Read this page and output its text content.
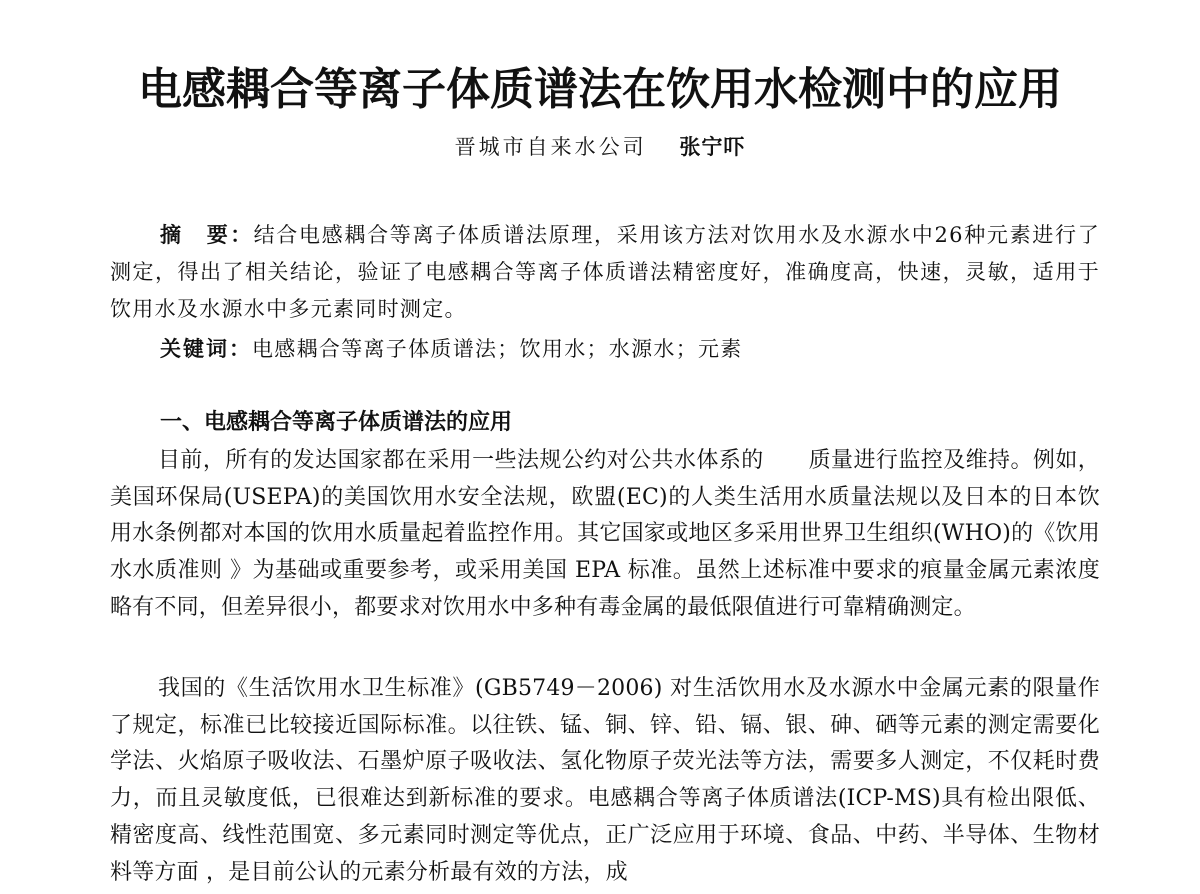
电感耦合等离子体质谱法在饮用水检测中的应用
晋城市自来水公司 张宁吓

摘　要：结合电感耦合等离子体质谱法原理，采用该方法对饮用水及水源水中26种元素进行了测定，得出了相关结论，验证了电感耦合等离子体质谱法精密度好，准确度高，快速，灵敏，适用于饮用水及水源水中多元素同时测定。

关键词：电感耦合等离子体质谱法；饮用水；水源水；元素

一、电感耦合等离子体质谱法的应用

目前，所有的发达国家都在采用一些法规公约对公共水体系的　　质量进行监控及维持。例如，美国环保局(USEPA)的美国饮用水安全法规，欧盟(EC)的人类生活用水质量法规以及日本的日本饮用水条例都对本国的饮用水质量起着监控作用。其它国家或地区多采用世界卫生组织(WHO)的《饮用水水质准则 》为基础或重要参考，或采用美国 EPA 标准。虽然上述标准中要求的痕量金属元素浓度略有不同，但差异很小，都要求对饮用水中多种有毒金属的最低限值进行可靠精确测定。

我国的《生活饮用水卫生标准》(GB5749－2006) 对生活饮用水及水源水中金属元素的限量作了规定，标准已比较接近国际标准。以往铁、锰、铜、锌、铅、镉、银、砷、硒等元素的测定需要化学法、火焰原子吸收法、石墨炉原子吸收法、氢化物原子荧光法等方法，需要多人测定，不仅耗时费力，而且灵敏度低，已很难达到新标准的要求。电感耦合等离子体质谱法(ICP-MS)具有检出限低、精密度高、线性范围宽、多元素同时测定等优点，正广泛应用于环境、食品、中药、半导体、生物材料等方面 ，是目前公认的元素分析最有效的方法，成
